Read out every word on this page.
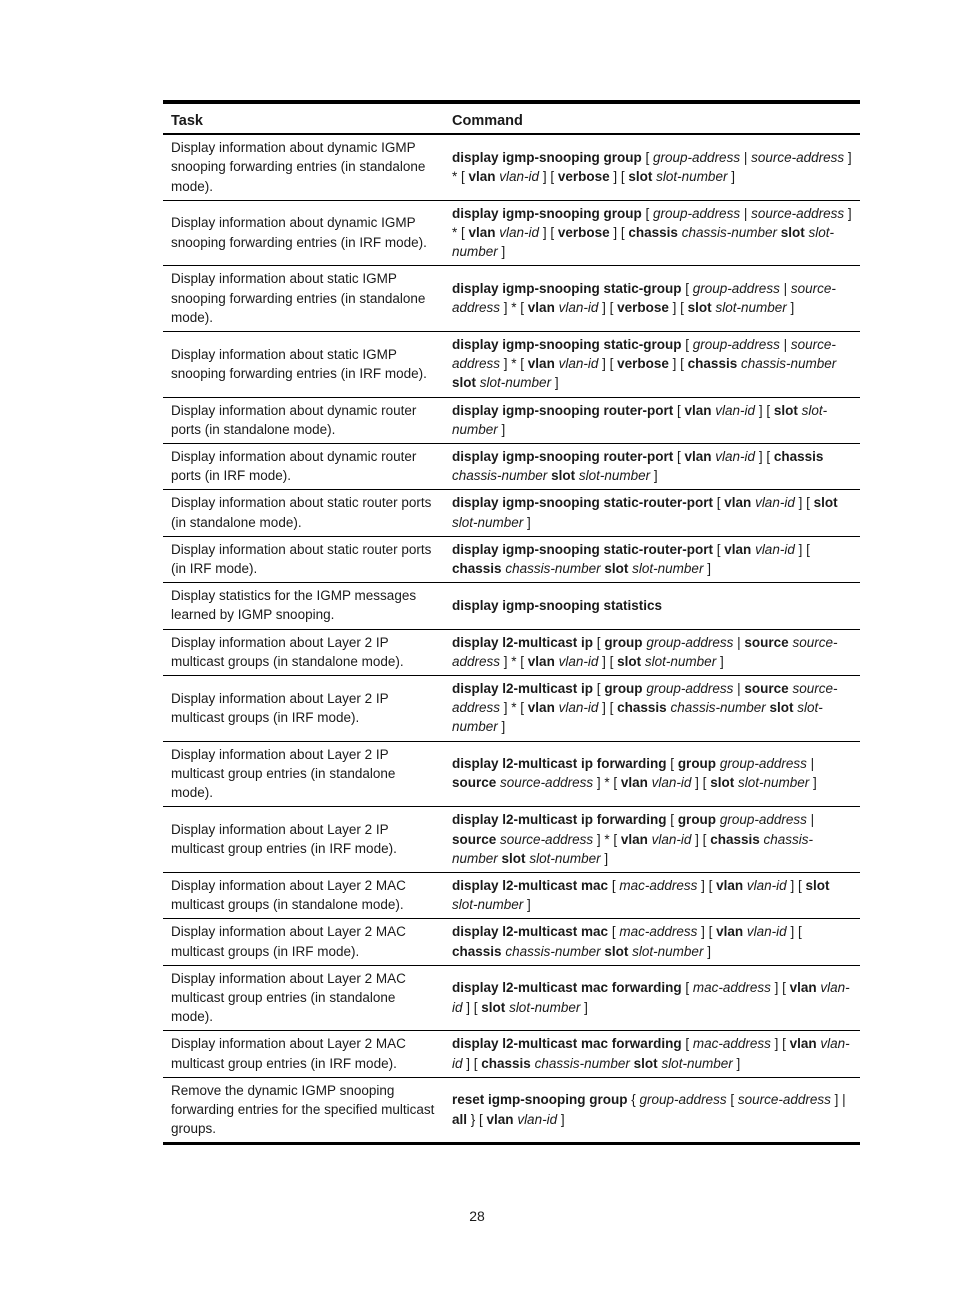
Task	Command
Display information about dynamic IGMP snooping forwarding entries (in standalone mode).	display igmp-snooping group [ group-address | source-address ] * [ vlan vlan-id ] [ verbose ] [ slot slot-number ]
Display information about dynamic IGMP snooping forwarding entries (in IRF mode).	display igmp-snooping group [ group-address | source-address ] * [ vlan vlan-id ] [ verbose ] [ chassis chassis-number slot slot-number ]
Display information about static IGMP snooping forwarding entries (in standalone mode).	display igmp-snooping static-group [ group-address | source-address ] * [ vlan vlan-id ] [ verbose ] [ slot slot-number ]
Display information about static IGMP snooping forwarding entries (in IRF mode).	display igmp-snooping static-group [ group-address | source-address ] * [ vlan vlan-id ] [ verbose ] [ chassis chassis-number slot slot-number ]
Display information about dynamic router ports (in standalone mode).	display igmp-snooping router-port [ vlan vlan-id ] [ slot slot-number ]
Display information about dynamic router ports (in IRF mode).	display igmp-snooping router-port [ vlan vlan-id ] [ chassis chassis-number slot slot-number ]
Display information about static router ports (in standalone mode).	display igmp-snooping static-router-port [ vlan vlan-id ] [ slot slot-number ]
Display information about static router ports (in IRF mode).	display igmp-snooping static-router-port [ vlan vlan-id ] [ chassis chassis-number slot slot-number ]
Display statistics for the IGMP messages learned by IGMP snooping.	display igmp-snooping statistics
Display information about Layer 2 IP multicast groups (in standalone mode).	display l2-multicast ip [ group group-address | source source-address ] * [ vlan vlan-id ] [ slot slot-number ]
Display information about Layer 2 IP multicast groups (in IRF mode).	display l2-multicast ip [ group group-address | source source-address ] * [ vlan vlan-id ] [ chassis chassis-number slot slot-number ]
Display information about Layer 2 IP multicast group entries (in standalone mode).	display l2-multicast ip forwarding [ group group-address | source source-address ] * [ vlan vlan-id ] [ slot slot-number ]
Display information about Layer 2 IP multicast group entries (in IRF mode).	display l2-multicast ip forwarding [ group group-address | source source-address ] * [ vlan vlan-id ] [ chassis chassis-number slot slot-number ]
Display information about Layer 2 MAC multicast groups (in standalone mode).	display l2-multicast mac [ mac-address ] [ vlan vlan-id ] [ slot slot-number ]
Display information about Layer 2 MAC multicast groups (in IRF mode).	display l2-multicast mac [ mac-address ] [ vlan vlan-id ] [ chassis chassis-number slot slot-number ]
Display information about Layer 2 MAC multicast group entries (in standalone mode).	display l2-multicast mac forwarding [ mac-address ] [ vlan vlan-id ] [ slot slot-number ]
Display information about Layer 2 MAC multicast group entries (in IRF mode).	display l2-multicast mac forwarding [ mac-address ] [ vlan vlan-id ] [ chassis chassis-number slot slot-number ]
Remove the dynamic IGMP snooping forwarding entries for the specified multicast groups.	reset igmp-snooping group { group-address [ source-address ] | all } [ vlan vlan-id ]
28
